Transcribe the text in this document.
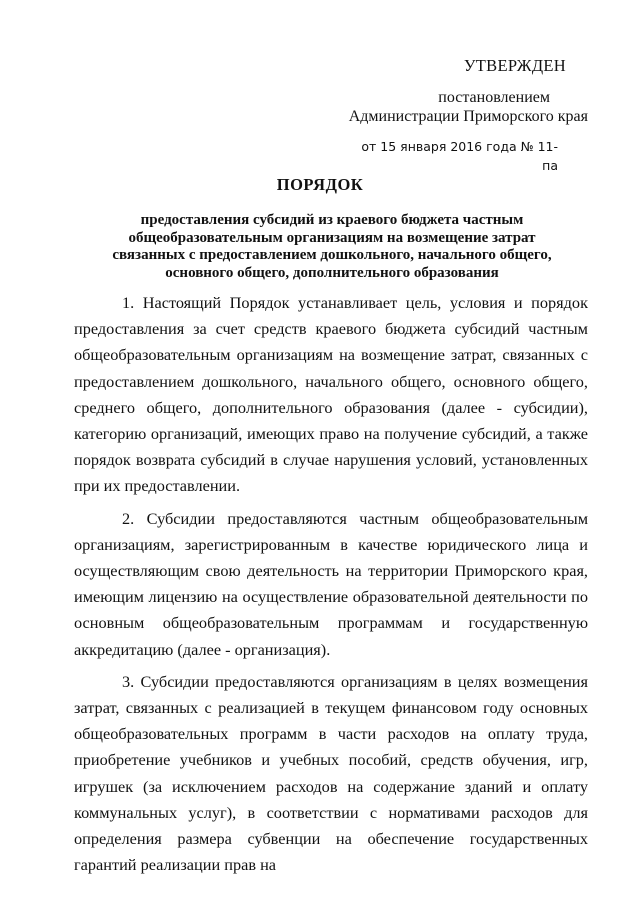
УТВЕРЖДЕН
постановлением
Администрации Приморского края
от 15 января 2016 года № 11-па
ПОРЯДОК
предоставления субсидий из краевого бюджета частным общеобразовательным организациям на возмещение затрат связанных с предоставлением дошкольного, начального общего, основного общего, дополнительного образования

1. Настоящий Порядок устанавливает цель, условия и порядок предоставления за счет средств краевого бюджета субсидий частным общеобразовательным организациям на возмещение затрат, связанных с предоставлением дошкольного, начального общего, основного общего, среднего общего, дополнительного образования (далее - субсидии), категорию организаций, имеющих право на получение субсидий, а также порядок возврата субсидий в случае нарушения условий, установленных при их предоставлении.

2. Субсидии предоставляются частным общеобразовательным организациям, зарегистрированным в качестве юридического лица и осуществляющим свою деятельность на территории Приморского края, имеющим лицензию на осуществление образовательной деятельности по основным общеобразовательным программам и государственную аккредитацию (далее - организация).

3. Субсидии предоставляются организациям в целях возмещения затрат, связанных с реализацией в текущем финансовом году основных общеобразовательных программ в части расходов на оплату труда, приобретение учебников и учебных пособий, средств обучения, игр, игрушек (за исключением расходов на содержание зданий и оплату коммунальных услуг), в соответствии с нормативами расходов для определения размера субвенции на обеспечение государственных гарантий реализации прав на
